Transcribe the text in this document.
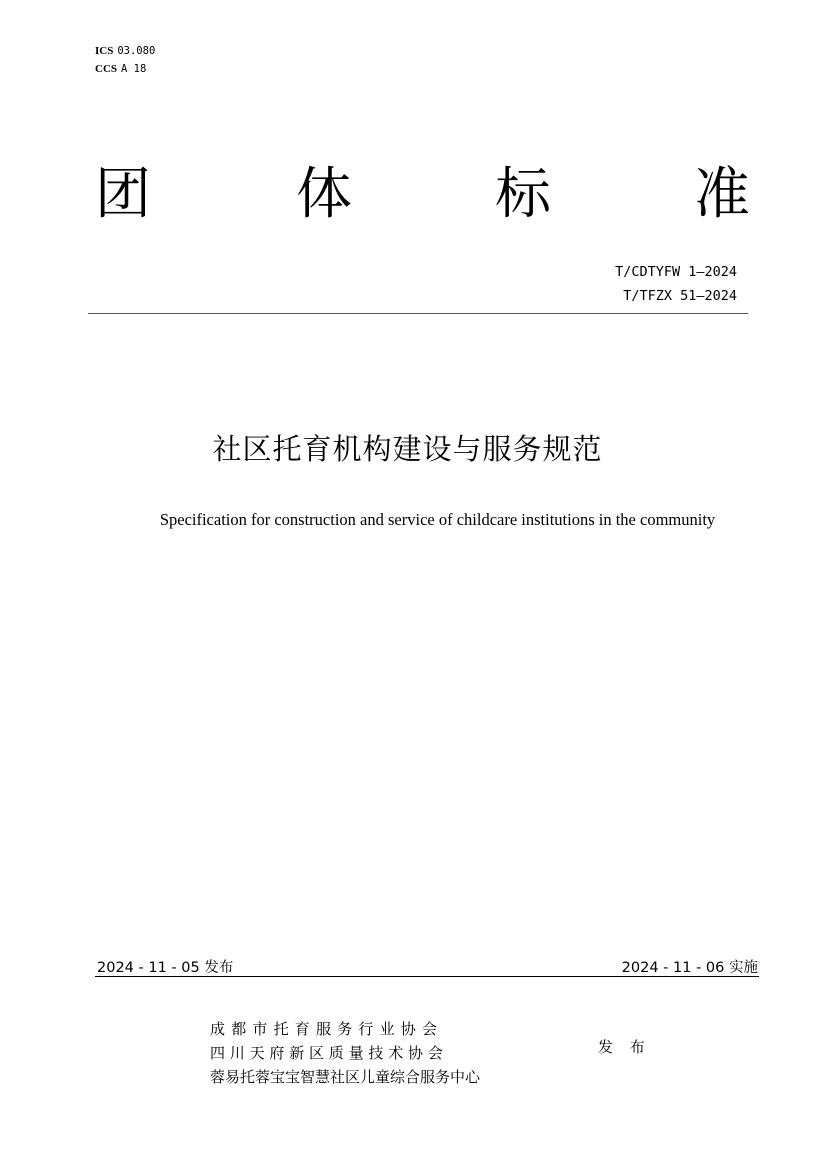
ICS 03.080
CCS A 18
团	体	标	准
T/CDTYFW 1—2024
T/TFZX 51—2024
社区托育机构建设与服务规范
Specification for construction and service of childcare institutions in the community
2024 - 11 - 05 发布	2024 - 11 - 06 实施
成都市托育服务行业协会
四川天府新区质量技术协会
蓉易托蓉宝宝智慧社区儿童综合服务中心
发 布
